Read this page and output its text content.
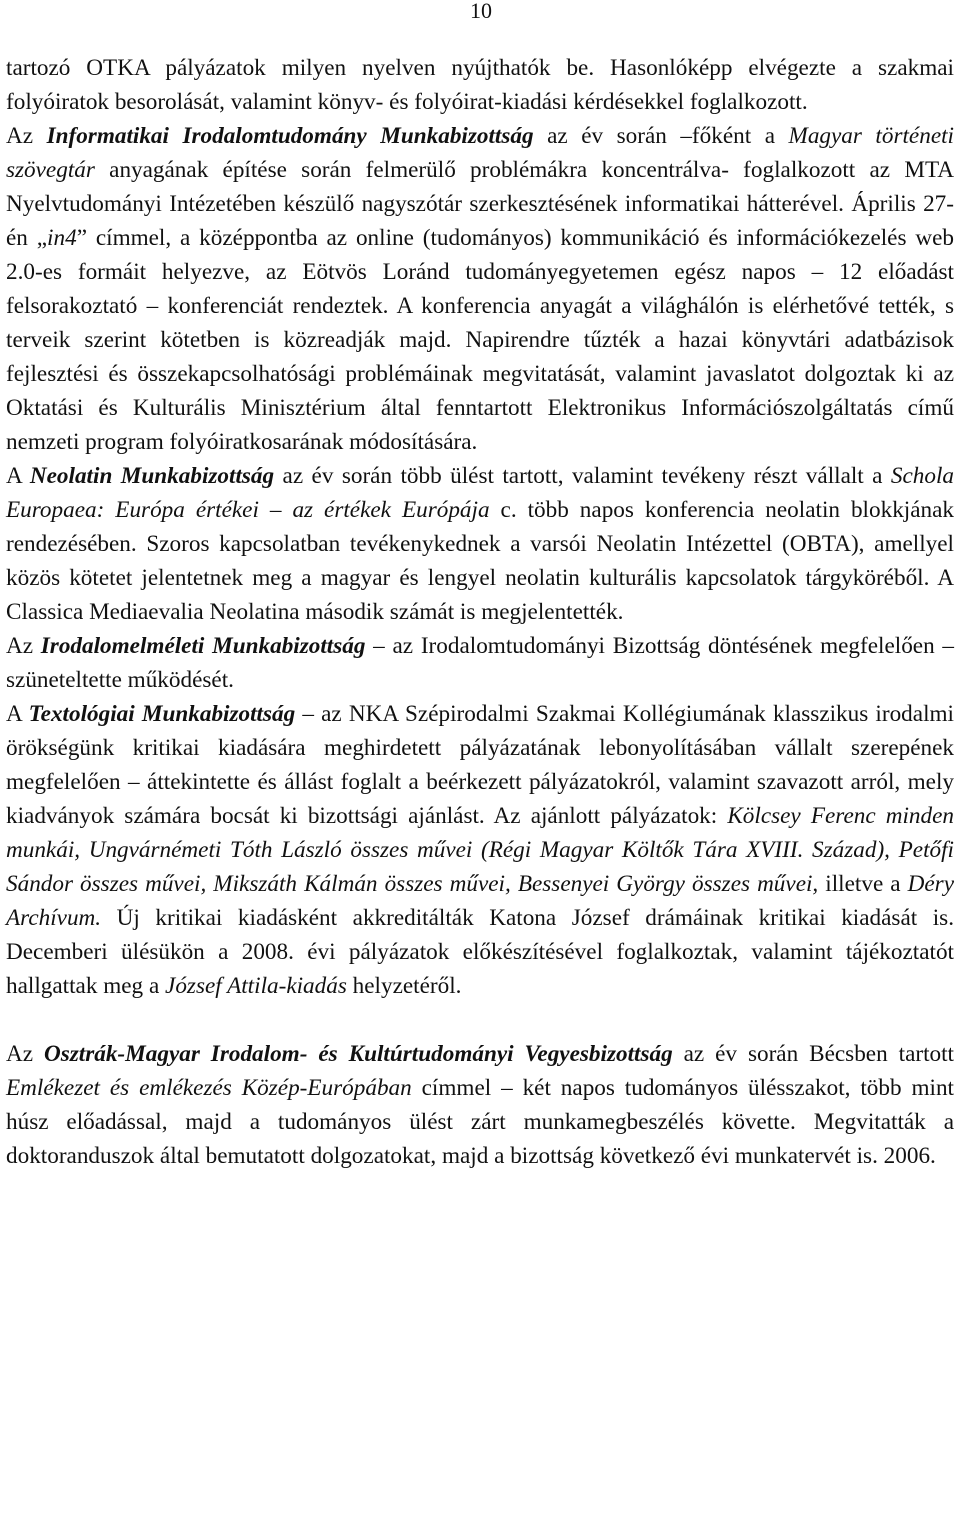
10

tartozó OTKA pályázatok milyen nyelven nyújthatók be. Hasonlóképp elvégezte a szakmai folyóiratok besorolását, valamint könyv- és folyóirat-kiadási kérdésekkel foglalkozott.

Az Informatikai Irodalomtudomány Munkabizottság az év során –főként a Magyar történeti szövegtár anyagának építése során felmerülő problémákra koncentrálva- foglalkozott az MTA Nyelvtudományi Intézetében készülő nagyszótár szerkesztésének informatikai hátterével. Április 27-én „in4” címmel, a középpontba az online (tudományos) kommunikáció és információkezelés web 2.0-es formáit helyezve, az Eötvös Loránd tudományegyetemen egész napos – 12 előadást felsorakoztató – konferenciát rendeztek. A konferencia anyagát a világhálón is elérhetővé tették, s terveik szerint kötetben is közreadják majd. Napirendre tűzték a hazai könyvtári adatbázisok fejlesztési és összekapcsolhatósági problémáinak megvitatását, valamint javaslatot dolgoztak ki az Oktatási és Kulturális Minisztérium által fenntartott Elektronikus Információszolgáltatás című nemzeti program folyóiratkosarának módosítására.

A Neolatin Munkabizottság az év során több ülést tartott, valamint tevékeny részt vállalt a Schola Europaea: Európa értékei – az értékek Európája c. több napos konferencia neolatin blokkjának rendezésében. Szoros kapcsolatban tevékenykednek a varsói Neolatin Intézettel (OBTA), amellyel közös kötetet jelentetnek meg a magyar és lengyel neolatin kulturális kapcsolatok tárgyköréből. A Classica Mediaevalia Neolatina második számát is megjelentették.

Az Irodalomelméleti Munkabizottság – az Irodalomtudományi Bizottság döntésének megfelelően – szüneteltette működését.

A Textológiai Munkabizottság – az NKA Szépirodalmi Szakmai Kollégiumának klasszikus irodalmi örökségünk kritikai kiadására meghirdetett pályázatának lebonyolításában vállalt szerepének megfelelően – áttekintette és állást foglalt a beérkezett pályázatokról, valamint szavazott arról, mely kiadványok számára bocsát ki bizottsági ajánlást. Az ajánlott pályázatok: Kölcsey Ferenc minden munkái, Ungvárnémeti Tóth László összes művei (Régi Magyar Költők Tára XVIII. Század), Petőfi Sándor összes művei, Mikszáth Kálmán összes művei, Bessenyei György összes művei, illetve a Déry Archívum. Új kritikai kiadásként akkreditálták Katona József drámáinak kritikai kiadását is. Decemberi ülésükön a 2008. évi pályázatok előkészítésével foglalkoztak, valamint tájékoztatót hallgattak meg a József Attila-kiadás helyzetéről.

Az Osztrák-Magyar Irodalom- és Kultúrtudományi Vegyesbizottság az év során Bécsben tartott Emlékezet és emlékezés Közép-Európában címmel – két napos tudományos ülésszakot, több mint húsz előadással, majd a tudományos ülést zárt munkamegbeszélés követte. Megvitatták a doktoranduszok által bemutatott dolgozatokat, majd a bizottság következő évi munkatervét is. 2006.
